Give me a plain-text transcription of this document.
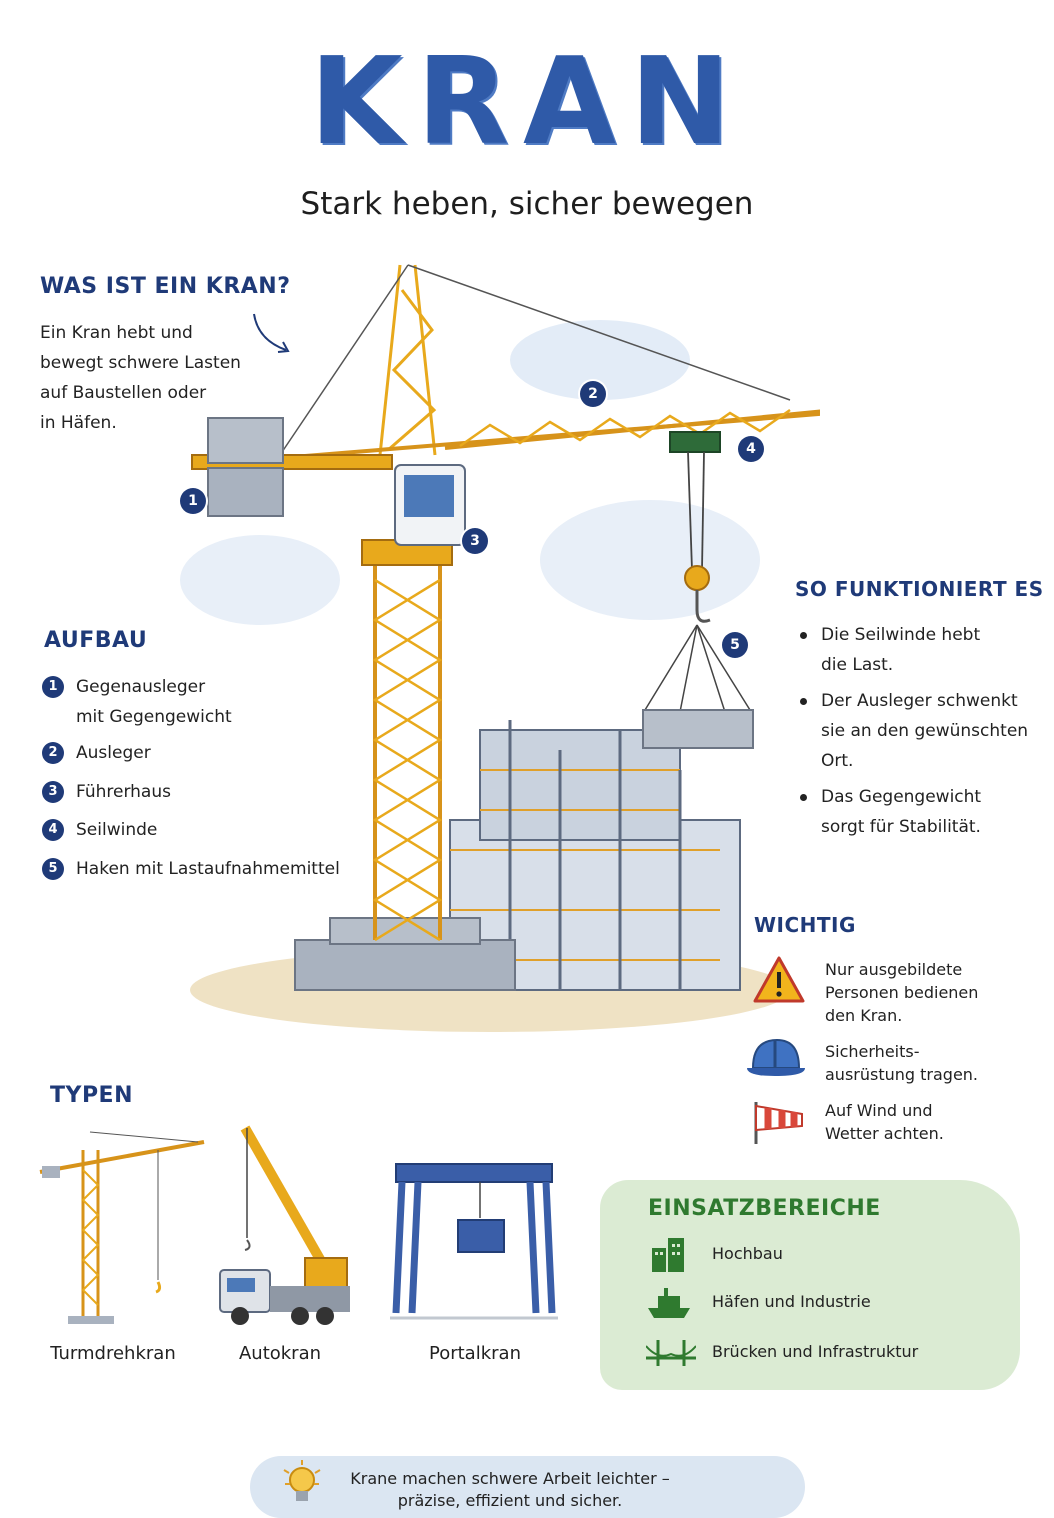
KRAN
Stark heben, sicher bewegen
1
2
3
4
5
WAS IST EIN KRAN?
Ein Kran hebt und
bewegt schwere Lasten
auf Baustellen oder
in Häfen.
AUFBAU
1	Gegenausleger
mit Gegengewicht
2	Ausleger
3	Führerhaus
4	Seilwinde
5	Haken mit Lastaufnahmemittel
SO FUNKTIONIERT ES
Die Seilwinde hebt
die Last.
Der Ausleger schwenkt
sie an den gewünschten
Ort.
Das Gegengewicht
sorgt für Stabilität.
WICHTIG
Nur ausgebildete
Personen bedienen
den Kran.
Sicherheits-
ausrüstung tragen.
Auf Wind und
Wetter achten.
TYPEN
Turmdrehkran	Autokran	Portalkran
EINSATZBEREICHE
Hochbau
Häfen und Industrie
Brücken und Infrastruktur
Krane machen schwere Arbeit leichter –
präzise, effizient und sicher.
